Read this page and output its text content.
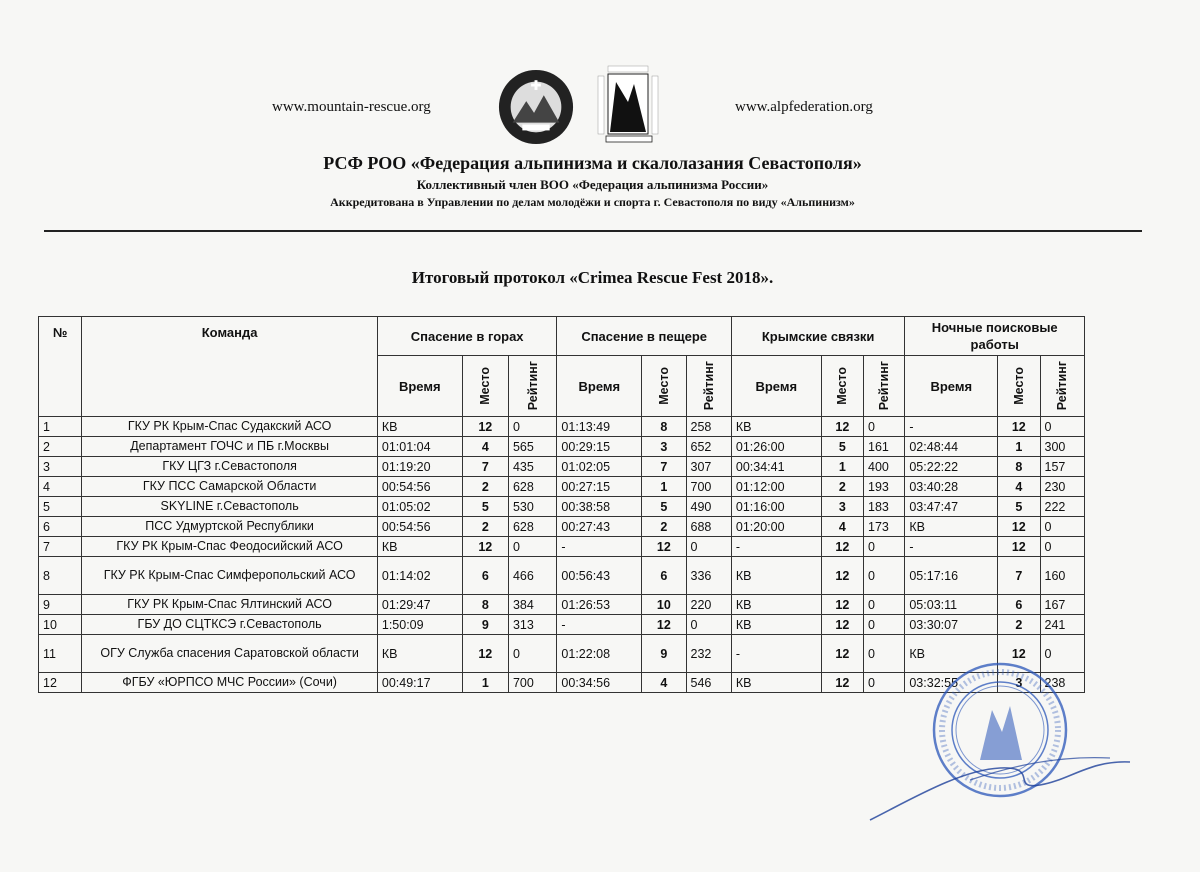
www.mountain-rescue.org	www.alpfederation.org
РСФ РОО «Федерация альпинизма и скалолазания Севастополя»
Коллективный член ВОО «Федерация альпинизма России»
Аккредитована в Управлении по делам молодёжи и спорта г. Севастополя по виду «Альпинизм»
Итоговый протокол «Crimea Rescue Fest 2018».
№	Команда	Спасение в горах			Спасение в пещере			Крымские связки			Ночные поисковые работы		
		Время	Место	Рейтинг	Время	Место	Рейтинг	Время	Место	Рейтинг	Время	Место	Рейтинг

1	ГКУ РК Крым-Спас Судакский АСО	КВ	12	0	01:13:49	8	258	КВ	12	0	-	12	0
2	Департамент ГОЧС и ПБ г.Москвы	01:01:04	4	565	00:29:15	3	652	01:26:00	5	161	02:48:44	1	300
3	ГКУ ЦГЗ г.Севастополя	01:19:20	7	435	01:02:05	7	307	00:34:41	1	400	05:22:22	8	157
4	ГКУ ПСС Самарской Области	00:54:56	2	628	00:27:15	1	700	01:12:00	2	193	03:40:28	4	230
5	SKYLINE г.Севастополь	01:05:02	5	530	00:38:58	5	490	01:16:00	3	183	03:47:47	5	222
6	ПСС Удмуртской Республики	00:54:56	2	628	00:27:43	2	688	01:20:00	4	173	КВ	12	0
7	ГКУ РК Крым-Спас Феодосийский АСО	КВ	12	0	-	12	0	-	12	0	-	12	0
8	ГКУ РК Крым-Спас Симферопольский АСО	01:14:02	6	466	00:56:43	6	336	КВ	12	0	05:17:16	7	160
9	ГКУ РК Крым-Спас Ялтинский АСО	01:29:47	8	384	01:26:53	10	220	КВ	12	0	05:03:11	6	167
10	ГБУ ДО СЦТКСЭ г.Севастополь	1:50:09	9	313	-	12	0	КВ	12	0	03:30:07	2	241
11	ОГУ Служба спасения Саратовской области	КВ	12	0	01:22:08	9	232	-	12	0	КВ	12	0
12	ФГБУ «ЮРПСО МЧС России» (Сочи)	00:49:17	1	700	00:34:56	4	546	КВ	12	0	03:32:55	3	238
